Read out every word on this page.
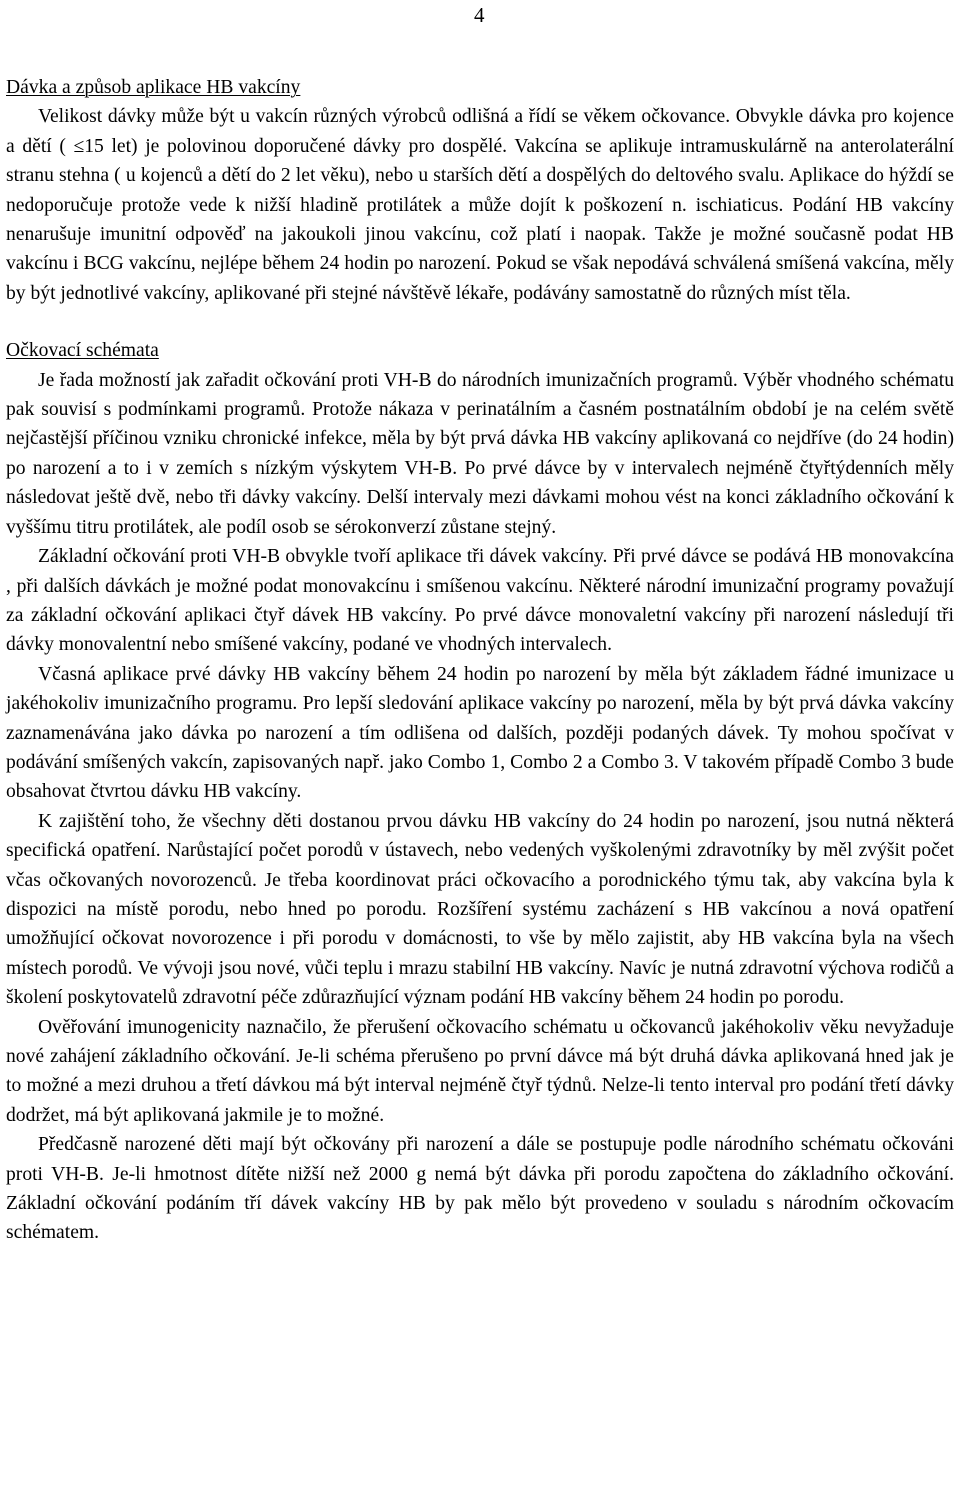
4

Dávka a způsob aplikace HB vakcíny

Velikost dávky může být u vakcín různých výrobců odlišná a řídí se věkem očkovance. Obvykle dávka pro kojence a dětí ( ≤15 let) je polovinou doporučené dávky pro dospělé. Vakcína se aplikuje intramuskulárně na anterolaterální stranu stehna ( u kojenců a dětí do 2 let věku), nebo u starších dětí a dospělých do deltového svalu. Aplikace do hýždí se nedoporučuje protože vede k nižší hladině protilátek a může dojít k poškození n. ischiaticus. Podání HB vakcíny nenarušuje imunitní odpověď na jakoukoli jinou vakcínu, což platí i naopak. Takže je možné současně podat HB vakcínu i BCG vakcínu, nejlépe během 24 hodin po narození. Pokud se však nepodává schválená smíšená vakcína, měly by být jednotlivé vakcíny, aplikované při stejné návštěvě lékaře, podávány samostatně do různých míst těla.

Očkovací schémata

Je řada možností jak zařadit očkování proti VH-B do národních imunizačních programů. Výběr vhodného schématu pak souvisí s podmínkami programů. Protože nákaza v perinatálním a časném postnatálním období je na celém světě nejčastější příčinou vzniku chronické infekce, měla by být prvá dávka HB vakcíny aplikovaná co nejdříve (do 24 hodin) po narození a to i v zemích s nízkým výskytem VH-B. Po prvé dávce by v intervalech nejméně čtyřtýdenních měly následovat ještě dvě, nebo tři dávky vakcíny. Delší intervaly mezi dávkami mohou vést na konci základního očkování k vyššímu titru protilátek, ale podíl osob se sérokonverzí zůstane stejný.

Základní očkování proti VH-B obvykle tvoří aplikace tři dávek vakcíny. Při prvé dávce se podává HB monovakcína , při dalších dávkách je možné podat monovakcínu i smíšenou vakcínu. Některé národní imunizační programy považují za základní očkování aplikaci čtyř dávek HB vakcíny. Po prvé dávce monovaletní vakcíny při narození následují tři dávky monovalentní nebo smíšené vakcíny, podané ve vhodných intervalech.

Včasná aplikace prvé dávky HB vakcíny během 24 hodin po narození by měla být základem řádné imunizace u jakéhokoliv imunizačního programu. Pro lepší sledování aplikace vakcíny po narození, měla by být prvá dávka vakcíny zaznamenávána jako dávka po narození a tím odlišena od dalších, později podaných dávek. Ty mohou spočívat v podávání smíšených vakcín, zapisovaných např. jako Combo 1, Combo 2 a Combo 3. V takovém případě Combo 3 bude obsahovat čtvrtou dávku HB vakcíny.

K zajištění toho, že všechny děti dostanou prvou dávku HB vakcíny do 24 hodin po narození, jsou nutná některá specifická opatření. Narůstající počet porodů v ústavech, nebo vedených vyškolenými zdravotníky by měl zvýšit počet včas očkovaných novorozenců. Je třeba koordinovat práci očkovacího a porodnického týmu tak, aby vakcína byla k dispozici na místě porodu, nebo hned po porodu. Rozšíření systému zacházení s HB vakcínou a nová opatření umožňující očkovat novorozence i při porodu v domácnosti, to vše by mělo zajistit, aby HB vakcína byla na všech místech porodů. Ve vývoji jsou nové, vůči teplu i mrazu stabilní HB vakcíny. Navíc je nutná zdravotní výchova rodičů a školení poskytovatelů zdravotní péče zdůrazňující význam podání HB vakcíny během 24 hodin po porodu.

Ověřování imunogenicity naznačilo, že přerušení očkovacího schématu u očkovanců jakéhokoliv věku nevyžaduje nové zahájení základního očkování. Je-li schéma přerušeno po první dávce má být druhá dávka aplikovaná hned jak je to možné a mezi druhou a třetí dávkou má být interval nejméně čtyř týdnů. Nelze-li tento interval pro podání třetí dávky dodržet, má být aplikovaná jakmile je to možné.

Předčasně narozené děti mají být očkovány při narození a dále se postupuje podle národního schématu očkováni proti VH-B. Je-li hmotnost dítěte nižší než 2000 g nemá být dávka při porodu započtena do základního očkování. Základní očkování podáním tří dávek vakcíny HB by pak mělo být provedeno v souladu s národním očkovacím schématem.
